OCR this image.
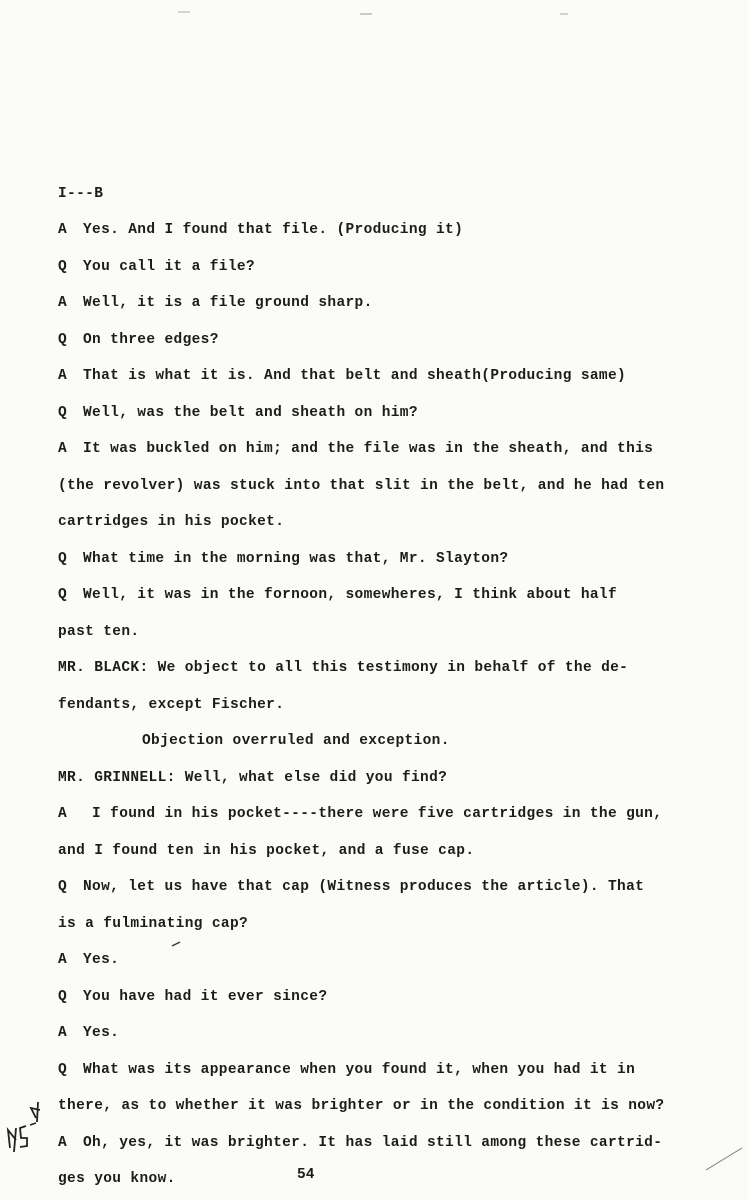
I---B
A Yes. And I found that file. (Producing it)
Q You call it a file?
A Well, it is a file ground sharp.
Q On three edges?
A That is what it is. And that belt and sheath(Producing same)
Q Well, was the belt and sheath on him?
A It was buckled on him; and the file was in the sheath, and this
(the revolver) was stuck into that slit in the belt, and he had ten
cartridges in his pocket.
Q What time in the morning was that, Mr. Slayton?
Q Well, it was in the fornoon, somewheres, I think about half
past ten.
MR. BLACK: We object to all this testimony in behalf of the de-
fendants, except Fischer.
Objection overruled and exception.
MR. GRINNELL: Well, what else did you find?
A I found in his pocket----there were five cartridges in the gun,
and I found ten in his pocket, and a fuse cap.
Q Now, let us have that cap (Witness produces the article). That
is a fulminating cap?
A Yes.
Q You have had it ever since?
A Yes.
Q What was its appearance when you found it, when you had it in
there, as to whether it was brighter or in the condition it is now?
A Oh, yes, it was brighter. It has laid still among these cartrid-
ges you know.	54
